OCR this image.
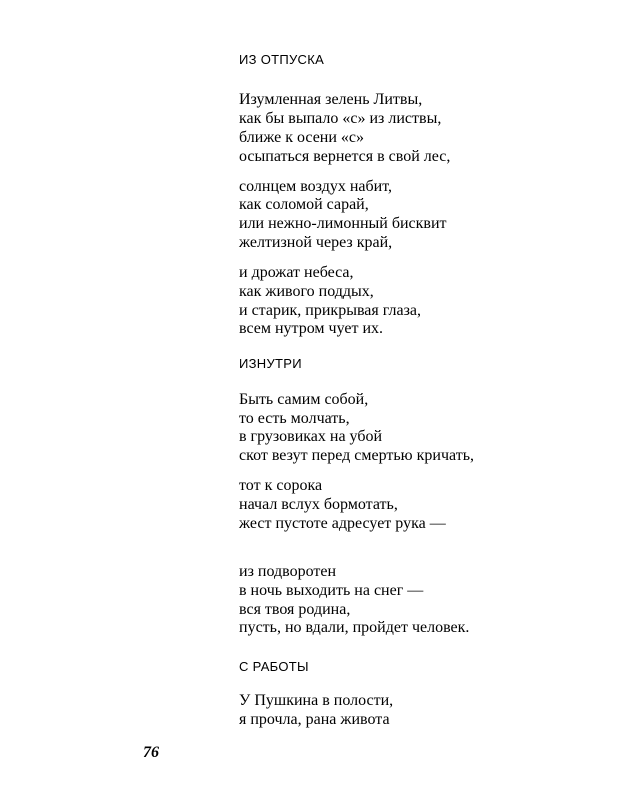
ИЗ ОТПУСКА
Изумленная зелень Литвы,
как бы выпало «с» из листвы,
ближе к осени «с»
осыпаться вернется в свой лес,
солнцем воздух набит,
как соломой сарай,
или нежно-лимонный бисквит
желтизной через край,
и дрожат небеса,
как живого поддых,
и старик, прикрывая глаза,
всем нутром чует их.
ИЗНУТРИ
Быть самим собой,
то есть молчать,
в грузовиках на убой
скот везут перед смертью кричать,
тот к сорока
начал вслух бормотать,
жест пустоте адресует рука —
из подворотен
в ночь выходить на снег —
вся твоя родина,
пусть, но вдали, пройдет человек.
С РАБОТЫ
У Пушкина в полости,
я прочла, рана живота
76
